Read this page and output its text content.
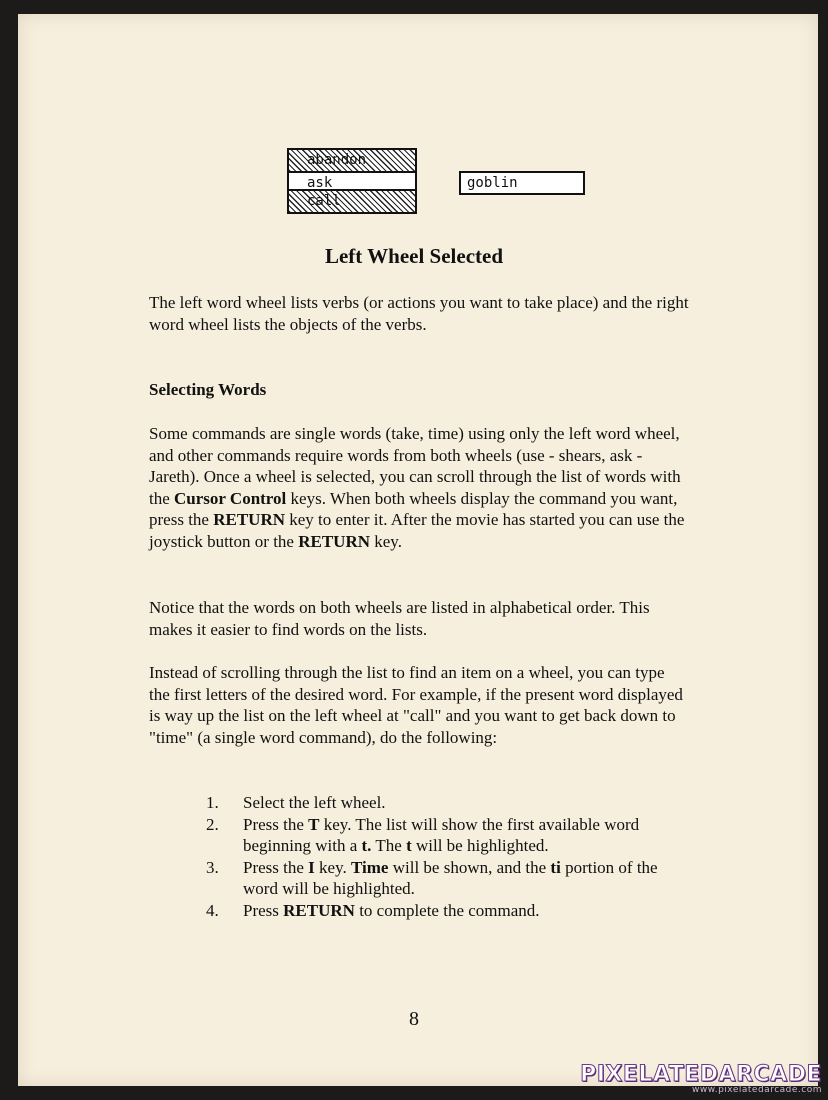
abandon
ask
call
goblin
Left Wheel Selected
The left word wheel lists verbs (or actions you want to take place) and the right word wheel lists the objects of the verbs.
Selecting Words
Some commands are single words (take, time) using only the left word wheel, and other commands require words from both wheels (use - shears, ask - Jareth). Once a wheel is selected, you can scroll through the list of words with the Cursor Control keys. When both wheels display the command you want, press the RETURN key to enter it. After the movie has started you can use the joystick button or the RETURN key.
Notice that the words on both wheels are listed in alphabetical order. This makes it easier to find words on the lists.
Instead of scrolling through the list to find an item on a wheel, you can type the first letters of the desired word. For example, if the present word displayed is way up the list on the left wheel at "call" and you want to get back down to "time" (a single word command), do the following:
1. Select the left wheel.
2. Press the T key. The list will show the first available word beginning with a t. The t will be highlighted.
3. Press the I key. Time will be shown, and the ti portion of the word will be highlighted.
4. Press RETURN to complete the command.
8
PIXELATEDARCADE
www.pixelatedarcade.com
